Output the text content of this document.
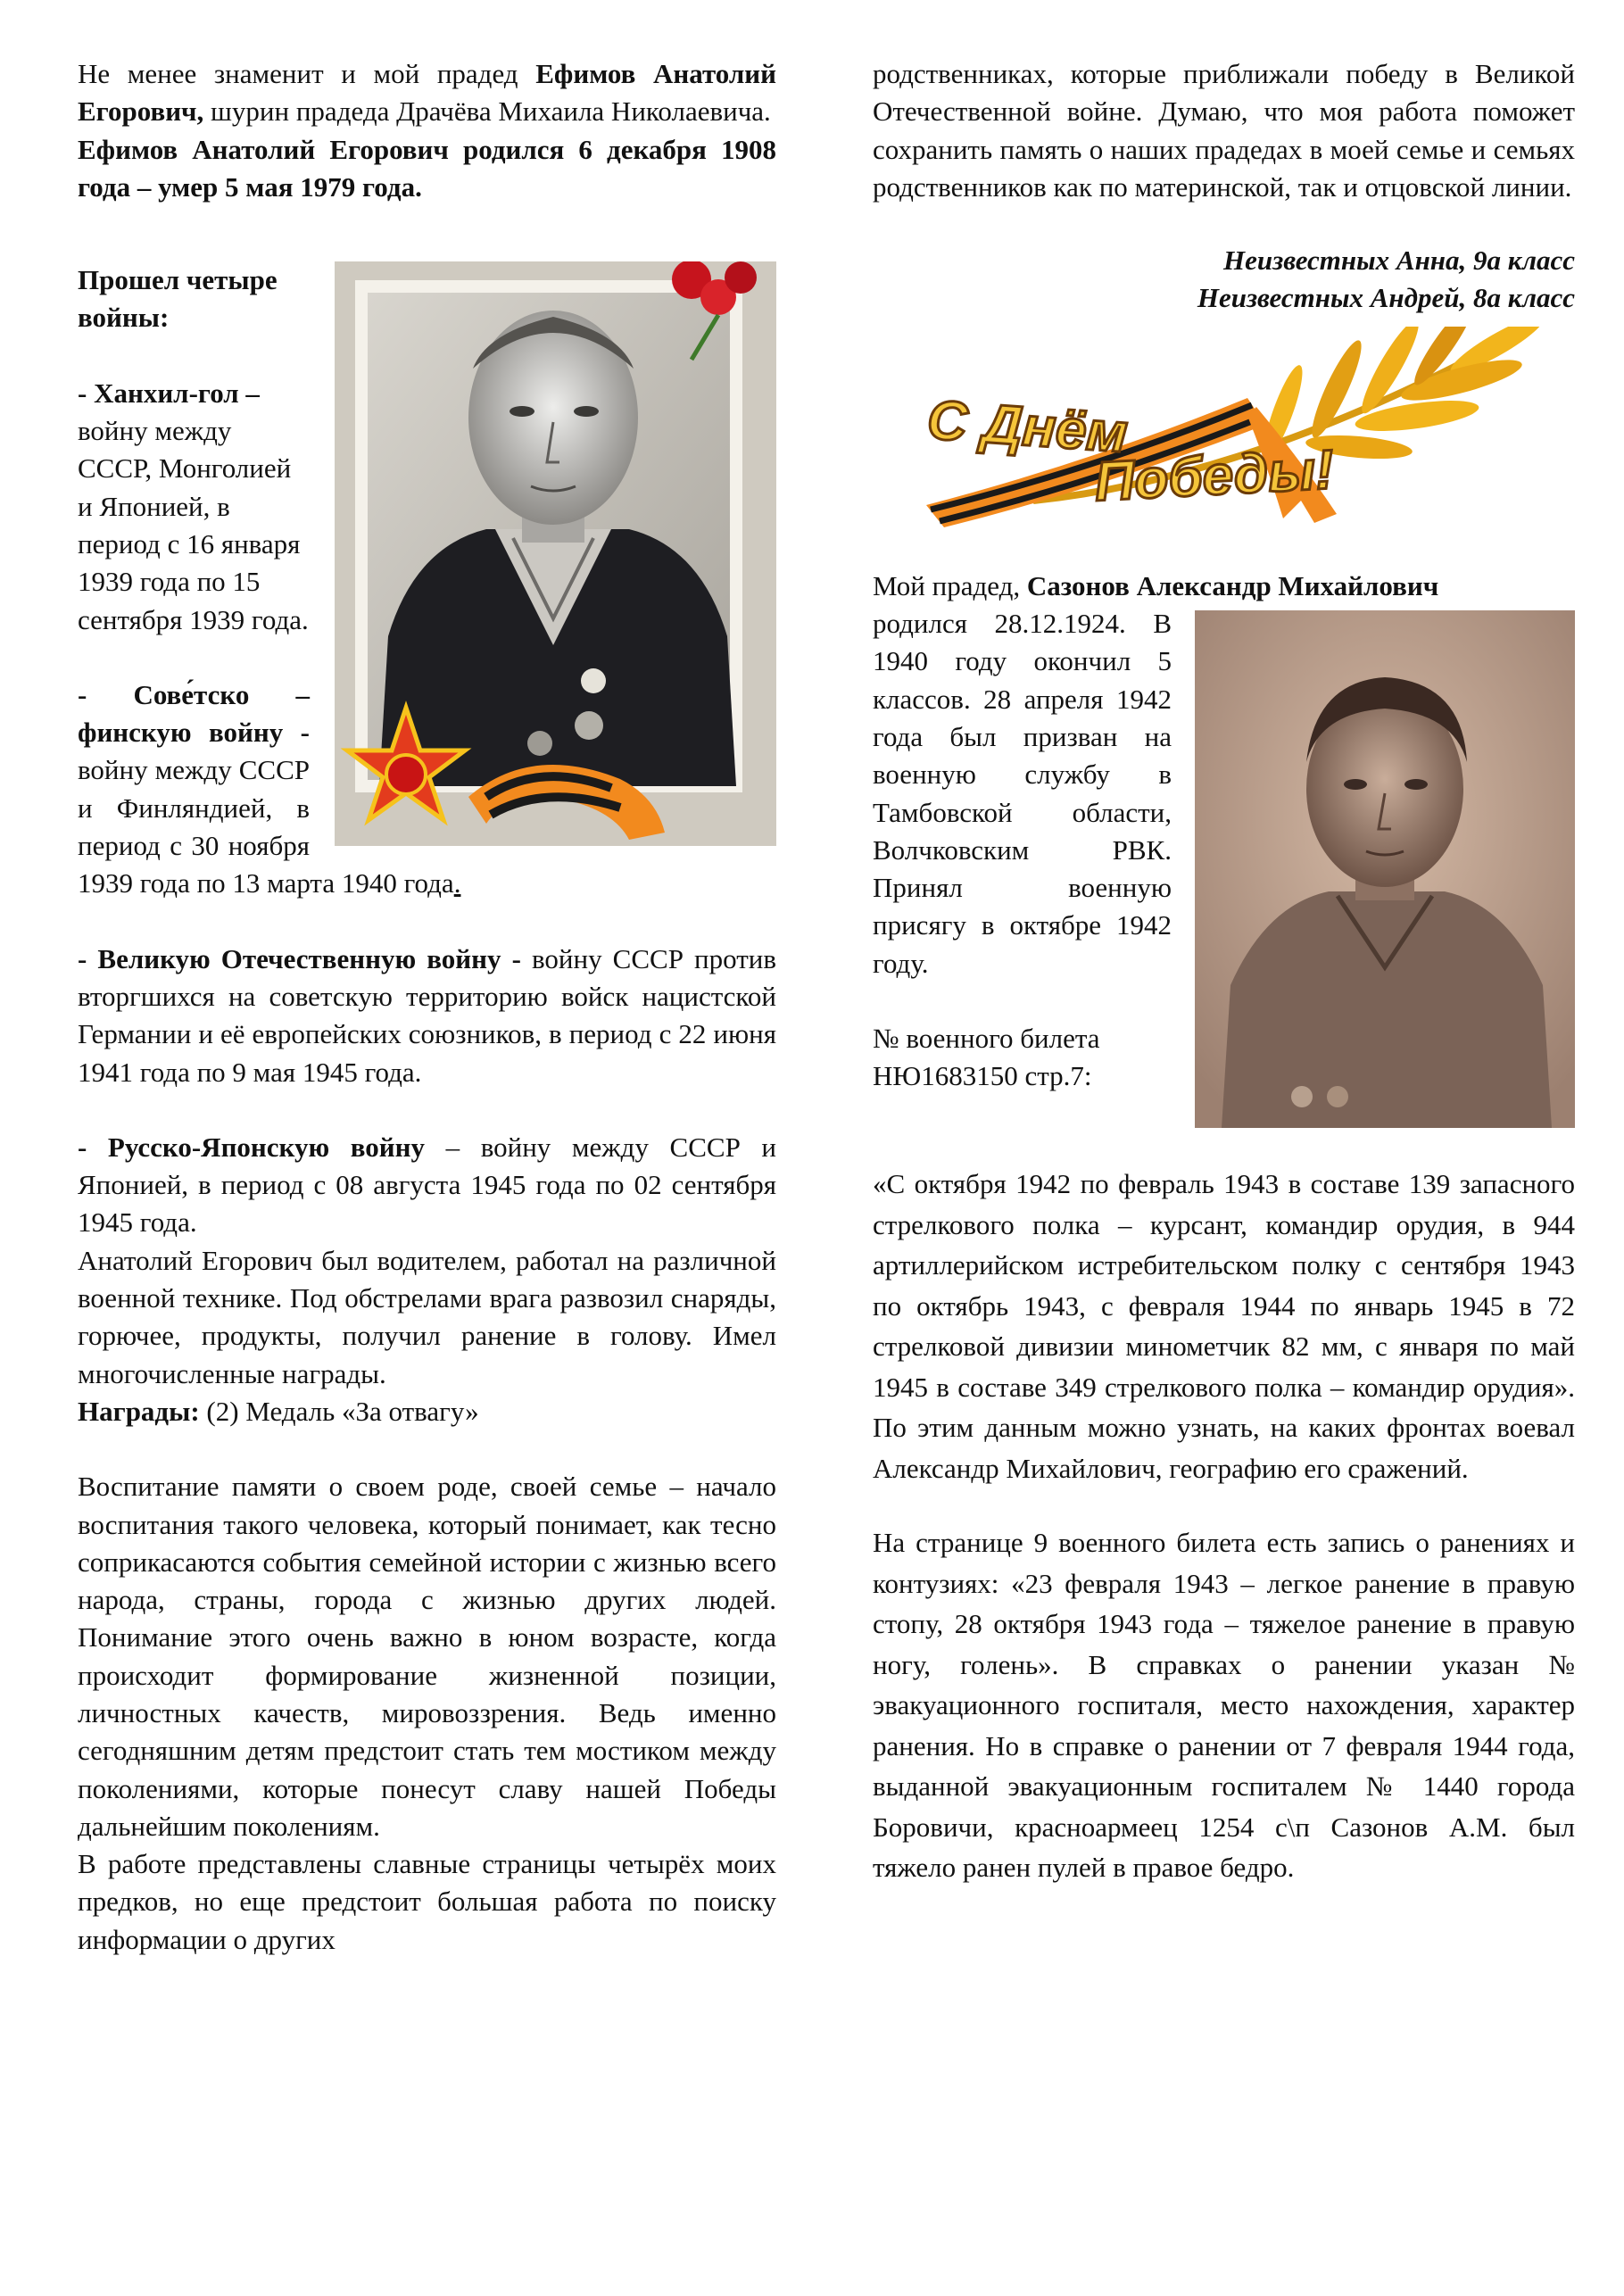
Не менее знаменит и мой прадед Ефимов Анатолий Егорович, шурин прадеда Драчёва Михаила Николаевича.

Ефимов Анатолий Егорович родился 6 декабря 1908 года – умер 5 мая 1979 года.

Прошел четыре войны:

- Ханхил-гол – войну между СССР, Монголией и Японией, в период с 16 января 1939 года по 15 сентября 1939 года.

- Сове́тско – финскую войну - войну между СССР и Финляндией, в период с 30 ноября 1939 года по 13 марта 1940 года.

- Великую Отечественную войну - войну СССР против вторгшихся на советскую территорию войск нацистской Германии и её европейских союзников, в период с 22 июня 1941 года по 9 мая 1945 года.

- Русско-Японскую войну – войну между СССР и Японией, в период с 08 августа 1945 года по 02 сентября 1945 года.

Анатолий Егорович был водителем, работал на различной военной технике. Под обстрелами врага развозил снаряды, горючее, продукты, получил ранение в голову. Имел многочисленные награды.

Награды: (2) Медаль «За отвагу»

Воспитание памяти о своем роде, своей семье – начало воспитания такого человека, который понимает, как тесно соприкасаются события семейной истории с жизнью всего народа, страны, города с жизнью других людей. Понимание этого очень важно в юном возрасте, когда происходит формирование жизненной позиции, личностных качеств, мировоззрения. Ведь именно сегодняшним детям предстоит стать тем мостиком между поколениями, которые понесут славу нашей Победы дальнейшим поколениям.

В работе представлены славные страницы четырёх моих предков, но еще предстоит большая работа по поиску информации о других

родственниках, которые приближали победу в Великой Отечественной войне. Думаю, что моя работа поможет сохранить память о наших прадедах в моей семье и семьях родственников как по материнской, так и отцовской линии.

Неизвестных Анна, 9а класс

Неизвестных Андрей, 8а класс

С Днём
Победы!

Мой прадед, Сазонов Александр Михайлович

родился 28.12.1924. В 1940 году окончил 5 классов. 28 апреля 1942 года был призван на военную службу в Тамбовской области, Волчковским РВК. Принял военную присягу в октябре 1942 году.

№ военного билета НЮ1683150 стр.7:

«С октября 1942 по февраль 1943 в составе 139 запасного стрелкового полка – курсант, командир орудия, в 944 артиллерийском истребительском полку с сентября 1943 по октябрь 1943, с февраля 1944 по январь 1945 в 72 стрелковой дивизии минометчик 82 мм, с января по май 1945 в составе 349 стрелкового полка – командир орудия». По этим данным можно узнать, на каких фронтах воевал Александр Михайлович, географию его сражений.

На странице 9 военного билета есть запись о ранениях и контузиях: «23 февраля 1943 – легкое ранение в правую стопу, 28 октября 1943 года – тяжелое ранение в правую ногу, голень». В справках о ранении указан № эвакуационного госпиталя, место нахождения, характер ранения. Но в справке о ранении от 7 февраля 1944 года, выданной эвакуационным госпиталем № 1440 города Боровичи, красноармеец 1254 с\п Сазонов А.М. был тяжело ранен пулей в правое бедро.
